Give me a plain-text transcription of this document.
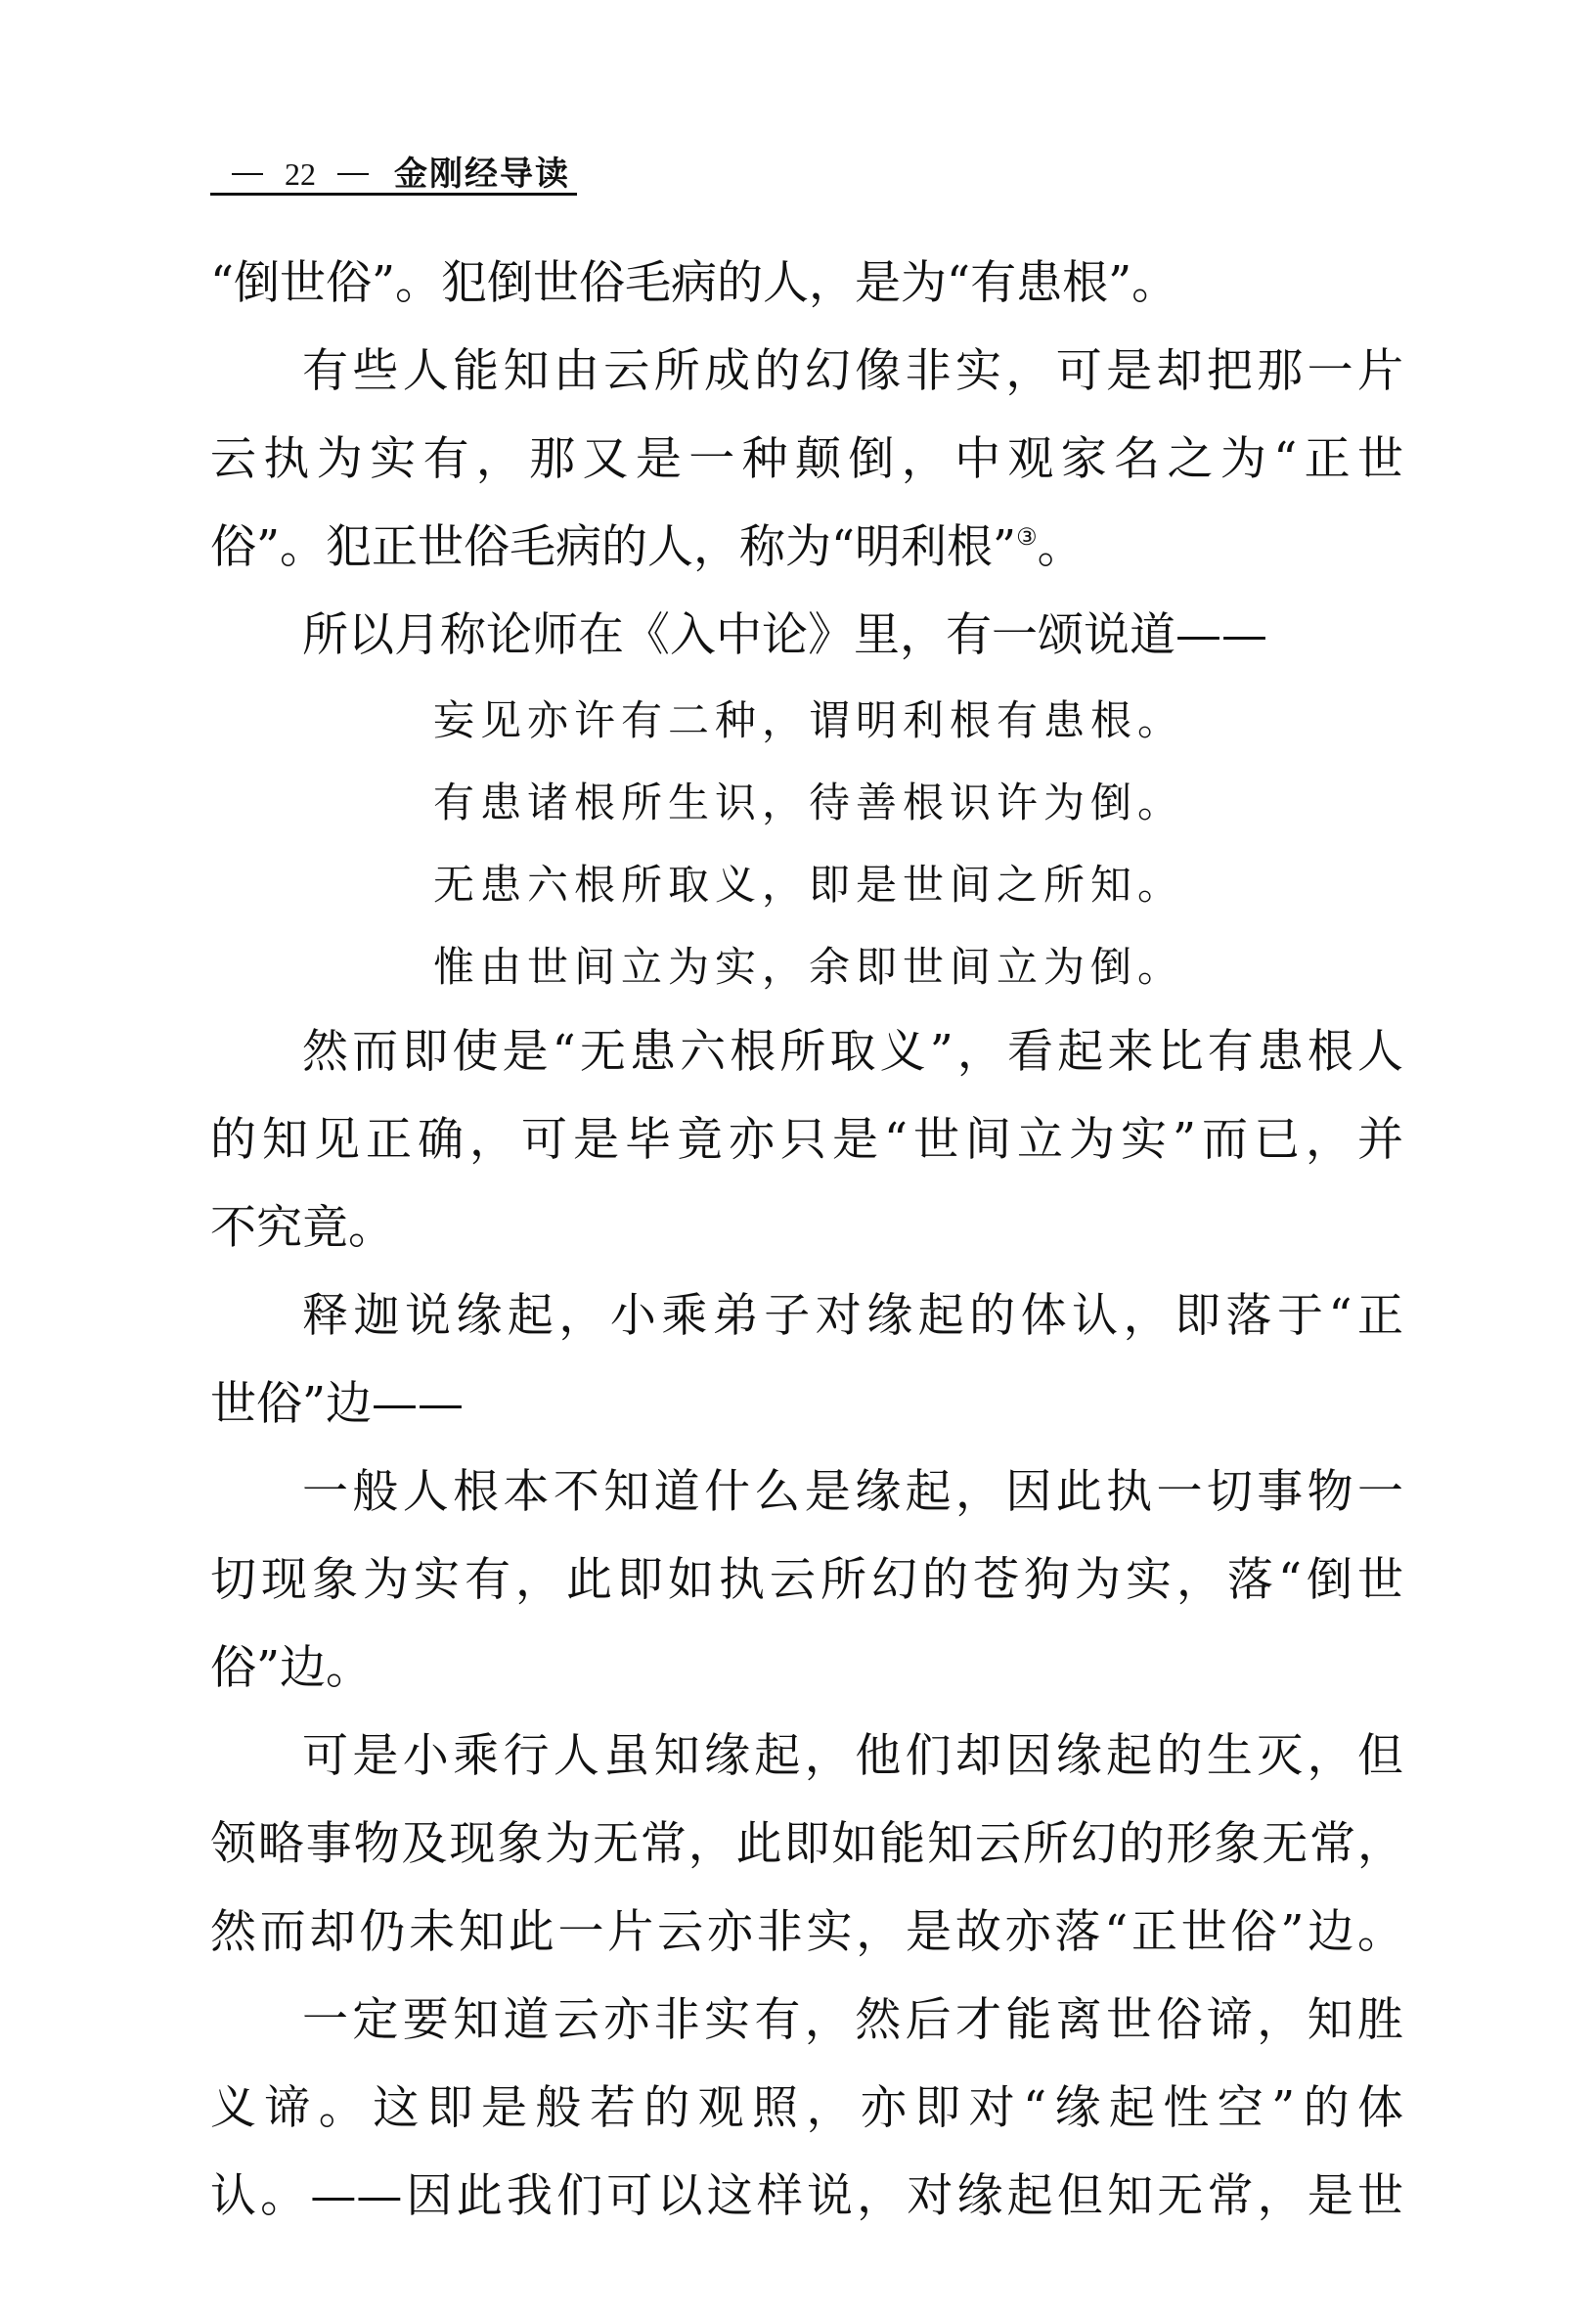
22 金刚经导读
“倒世俗”。犯倒世俗毛病的人，是为“有患根”。
有些人能知由云所成的幻像非实，可是却把那一片
云执为实有，那又是一种颠倒，中观家名之为“正世
俗”。犯正世俗毛病的人，称为“明利根”③。
所以月称论师在《入中论》里，有一颂说道——
妄见亦许有二种，谓明利根有患根。
有患诸根所生识，待善根识许为倒。
无患六根所取义，即是世间之所知。
惟由世间立为实，余即世间立为倒。
然而即使是“无患六根所取义”，看起来比有患根人
的知见正确，可是毕竟亦只是“世间立为实”而已，并
不究竟。
释迦说缘起，小乘弟子对缘起的体认，即落于“正
世俗”边——
一般人根本不知道什么是缘起，因此执一切事物一
切现象为实有，此即如执云所幻的苍狗为实，落“倒世
俗”边。
可是小乘行人虽知缘起，他们却因缘起的生灭，但
领略事物及现象为无常，此即如能知云所幻的形象无常，
然而却仍未知此一片云亦非实，是故亦落“正世俗”边。
一定要知道云亦非实有，然后才能离世俗谛，知胜
义谛。这即是般若的观照，亦即对“缘起性空”的体
认。——因此我们可以这样说，对缘起但知无常，是世
